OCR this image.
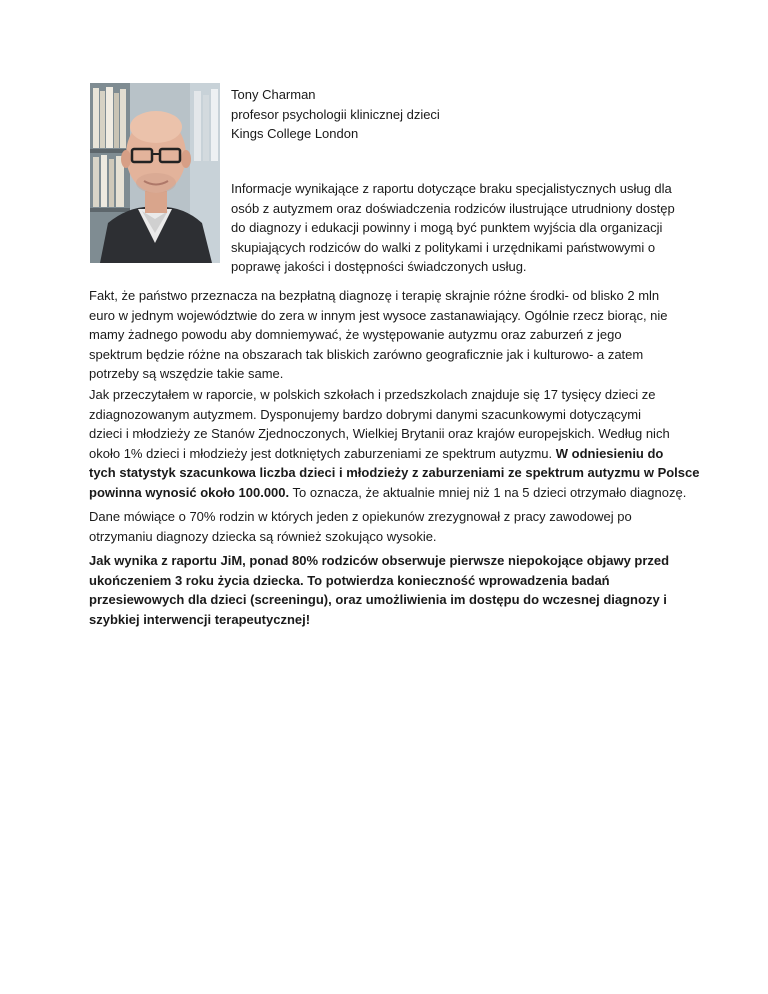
Tony Charman
profesor psychologii klinicznej dzieci
Kings College London
Informacje wynikające z raportu dotyczące braku specjalistycznych usług dla
osób z autyzmem oraz doświadczenia rodziców ilustrujące utrudniony dostęp
do diagnozy i edukacji powinny i mogą być punktem wyjścia dla organizacji
skupiających rodziców do walki z politykami i urzędnikami państwowymi o
poprawę jakości i dostępności świadczonych usług.
Fakt, że państwo przeznacza na bezpłatną diagnozę i terapię skrajnie różne środki- od blisko 2 mln
euro w jednym województwie do zera w innym jest wysoce zastanawiający. Ogólnie rzecz biorąc, nie
mamy żadnego powodu aby domniemywać, że występowanie autyzmu oraz zaburzeń z jego
spektrum będzie różne na obszarach tak bliskich zarówno geograficznie jak i kulturowo- a zatem
potrzeby są wszędzie takie same.
Jak przeczytałem w raporcie, w polskich szkołach i przedszkolach znajduje się 17 tysięcy dzieci ze
zdiagnozowanym autyzmem. Dysponujemy bardzo dobrymi danymi szacunkowymi dotyczącymi
dzieci i młodzieży ze Stanów Zjednoczonych, Wielkiej Brytanii oraz krajów europejskich. Według nich
około 1% dzieci i młodzieży jest dotkniętych zaburzeniami ze spektrum autyzmu. W odniesieniu do
tych statystyk szacunkowa liczba dzieci i młodzieży z zaburzeniami ze spektrum autyzmu w Polsce
powinna wynosić około 100.000. To oznacza, że aktualnie mniej niż 1 na 5 dzieci otrzymało diagnozę.
Dane mówiące o 70% rodzin w których jeden z opiekunów zrezygnował z pracy zawodowej po
otrzymaniu diagnozy dziecka są również szokująco wysokie.
Jak wynika z raportu JiM, ponad 80% rodziców obserwuje pierwsze niepokojące objawy przed
ukończeniem 3 roku życia dziecka. To potwierdza konieczność wprowadzenia badań
przesiewowych dla dzieci (screeningu), oraz umożliwienia im dostępu do wczesnej diagnozy i
szybkiej interwencji terapeutycznej!
